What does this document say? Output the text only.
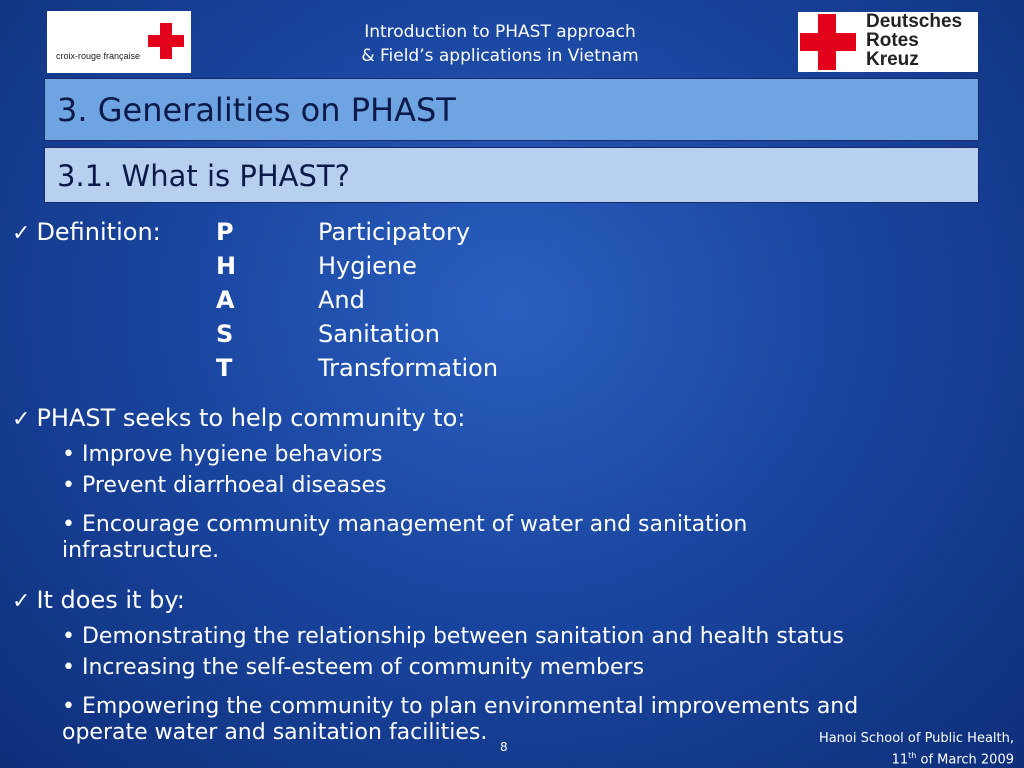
croix-rouge française
Introduction to PHAST approach
& Field’s applications in Vietnam
Deutsches
Rotes
Kreuz
3. Generalities on PHAST
3.1. What is PHAST?
✓ Definition: P	Participatory
H	Hygiene
A	And
S	Sanitation
T	Transformation
✓ PHAST seeks to help community to:
• Improve hygiene behaviors
• Prevent diarrhoeal diseases
• Encourage community management of water and sanitation
infrastructure.
✓ It does it by:
• Demonstrating the relationship between sanitation and health status
• Increasing the self-esteem of community members
• Empowering the community to plan environmental improvements and
operate water and sanitation facilities.
8
Hanoi School of Public Health,
11th of March 2009
